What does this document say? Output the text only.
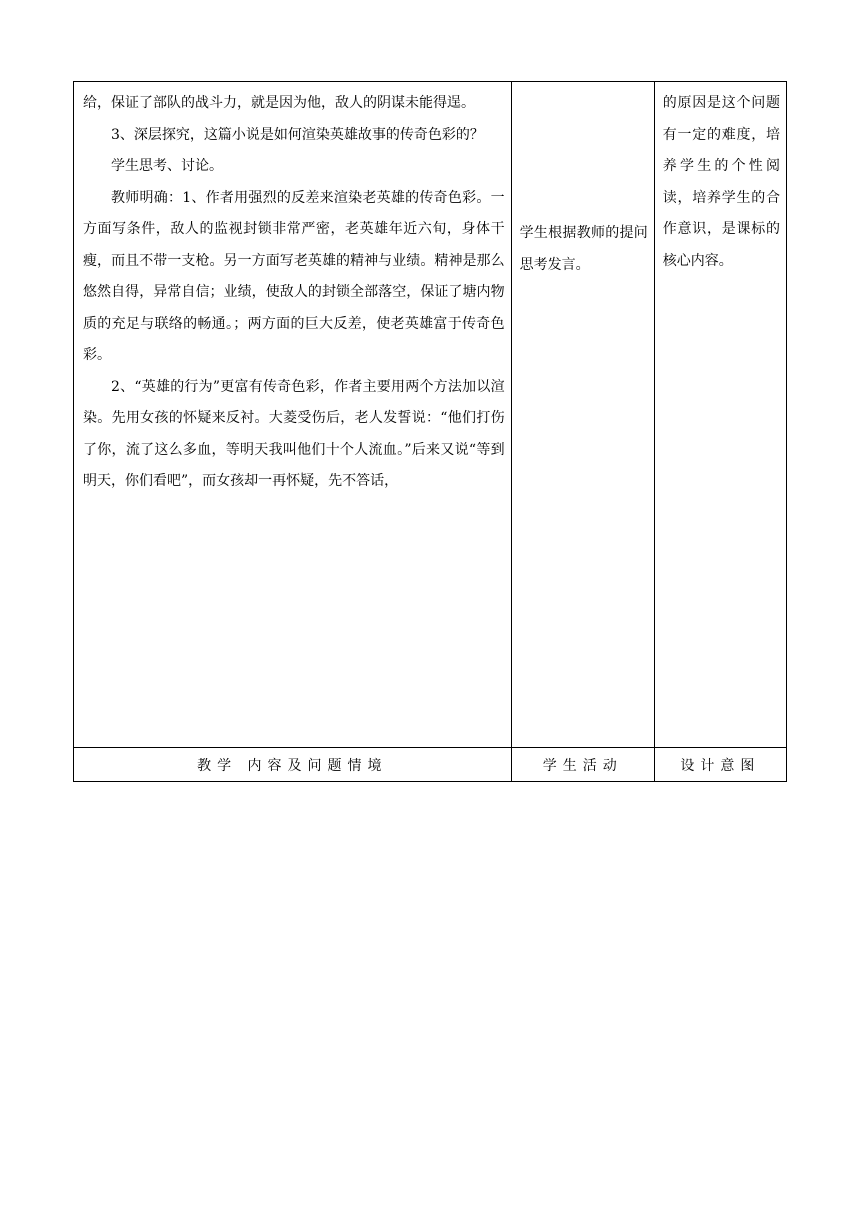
给，保证了部队的战斗力，就是因为他，敌人的阴谋未能得逞。

3、深层探究，这篇小说是如何渲染英雄故事的传奇色彩的？

学生思考、讨论。

教师明确：1、作者用强烈的反差来渲染老英雄的传奇色彩。一方面写条件，敌人的监视封锁非常严密，老英雄年近六旬，身体干瘦，而且不带一支枪。另一方面写老英雄的精神与业绩。精神是那么悠然自得，异常自信；业绩，使敌人的封锁全部落空，保证了塘内物质的充足与联络的畅通。；两方面的巨大反差，使老英雄富于传奇色彩。

2、“英雄的行为”更富有传奇色彩，作者主要用两个方法加以渲染。先用女孩的怀疑来反衬。大菱受伤后，老人发誓说：“他们打伤了你，流了这么多血，等明天我叫他们十个人流血。”后来又说“等到明天，你们看吧”，而女孩却一再怀疑，先不答话，	学生根据教师的提问思考发言。	的原因是这个问题有一定的难度，培养学生的个性阅读，培养学生的合作意识，是课标的核心内容。

教学 内容及问题情境	学生活动	设计意图
